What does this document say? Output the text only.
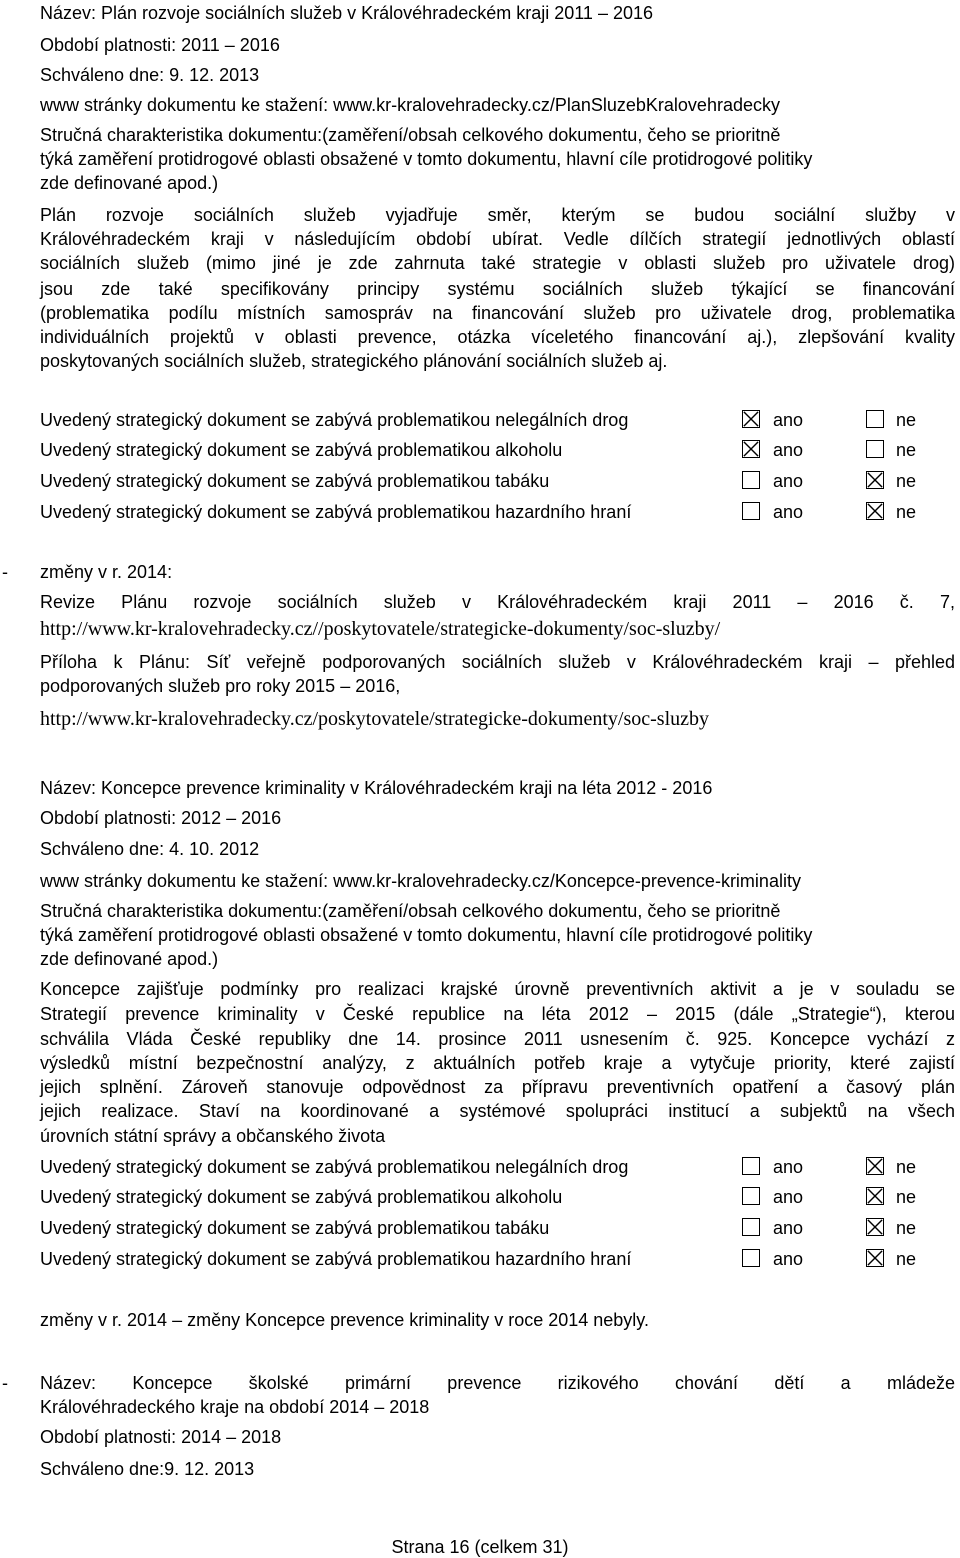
Název: Plán rozvoje sociálních služeb v Královéhradeckém kraji 2011 – 2016
Období platnosti: 2011 – 2016
Schváleno dne: 9. 12. 2013
www stránky dokumentu ke stažení: www.kr-kralovehradecky.cz/PlanSluzebKralovehradecky
Stručná charakteristika dokumentu:(zaměření/obsah celkového dokumentu, čeho se prioritně
týká zaměření protidrogové oblasti obsažené v tomto dokumentu, hlavní cíle protidrogové politiky
zde definované apod.)
Plán rozvoje sociálních služeb vyjadřuje směr, kterým se budou sociální služby v
Královéhradeckém kraji v následujícím období ubírat. Vedle dílčích strategií jednotlivých oblastí
sociálních služeb (mimo jiné je zde zahrnuta také strategie v oblasti služeb pro uživatele drog)
jsou zde také specifikovány principy systému sociálních služeb týkající se financování
(problematika podílu místních samospráv na financování služeb pro uživatele drog, problematika
individuálních projektů v oblasti prevence, otázka víceletého financování aj.), zlepšování kvality
poskytovaných sociálních služeb, strategického plánování sociálních služeb aj.
Uvedený strategický dokument se zabývá problematikou nelegálních drog	ano	ne
Uvedený strategický dokument se zabývá problematikou alkoholu	ano	ne
Uvedený strategický dokument se zabývá problematikou tabáku	ano	ne
Uvedený strategický dokument se zabývá problematikou hazardního hraní	ano	ne
- změny v r. 2014:
Revize Plánu rozvoje sociálních služeb v Královéhradeckém kraji 2011 – 2016 č. 7,
http://www.kr-kralovehradecky.cz//poskytovatele/strategicke-dokumenty/soc-sluzby/
Příloha k Plánu: Síť veřejně podporovaných sociálních služeb v Královéhradeckém kraji – přehled
podporovaných služeb pro roky 2015 – 2016,
http://www.kr-kralovehradecky.cz/poskytovatele/strategicke-dokumenty/soc-sluzby
Název: Koncepce prevence kriminality v Královéhradeckém kraji na léta 2012 - 2016
Období platnosti: 2012 – 2016
Schváleno dne: 4. 10. 2012
www stránky dokumentu ke stažení: www.kr-kralovehradecky.cz/Koncepce-prevence-kriminality
Stručná charakteristika dokumentu:(zaměření/obsah celkového dokumentu, čeho se prioritně
týká zaměření protidrogové oblasti obsažené v tomto dokumentu, hlavní cíle protidrogové politiky
zde definované apod.)
Koncepce zajišťuje podmínky pro realizaci krajské úrovně preventivních aktivit a je v souladu se
Strategií prevence kriminality v České republice na léta 2012 – 2015 (dále „Strategie“), kterou
schválila Vláda České republiky dne 14. prosince 2011 usnesením č. 925. Koncepce vychází z
výsledků místní bezpečnostní analýzy, z aktuálních potřeb kraje a vytyčuje priority, které zajistí
jejich splnění. Zároveň stanovuje odpovědnost za přípravu preventivních opatření a časový plán
jejich realizace. Staví na koordinované a systémové spolupráci institucí a subjektů na všech
úrovních státní správy a občanského života
Uvedený strategický dokument se zabývá problematikou nelegálních drog	ano	ne
Uvedený strategický dokument se zabývá problematikou alkoholu	ano	ne
Uvedený strategický dokument se zabývá problematikou tabáku	ano	ne
Uvedený strategický dokument se zabývá problematikou hazardního hraní	ano	ne
změny v r. 2014 – změny Koncepce prevence kriminality v roce 2014 nebyly.
- Název: Koncepce školské primární prevence rizikového chování dětí a mládeže
Královéhradeckého kraje na období 2014 – 2018
Období platnosti: 2014 – 2018
Schváleno dne:9. 12. 2013
Strana 16 (celkem 31)
